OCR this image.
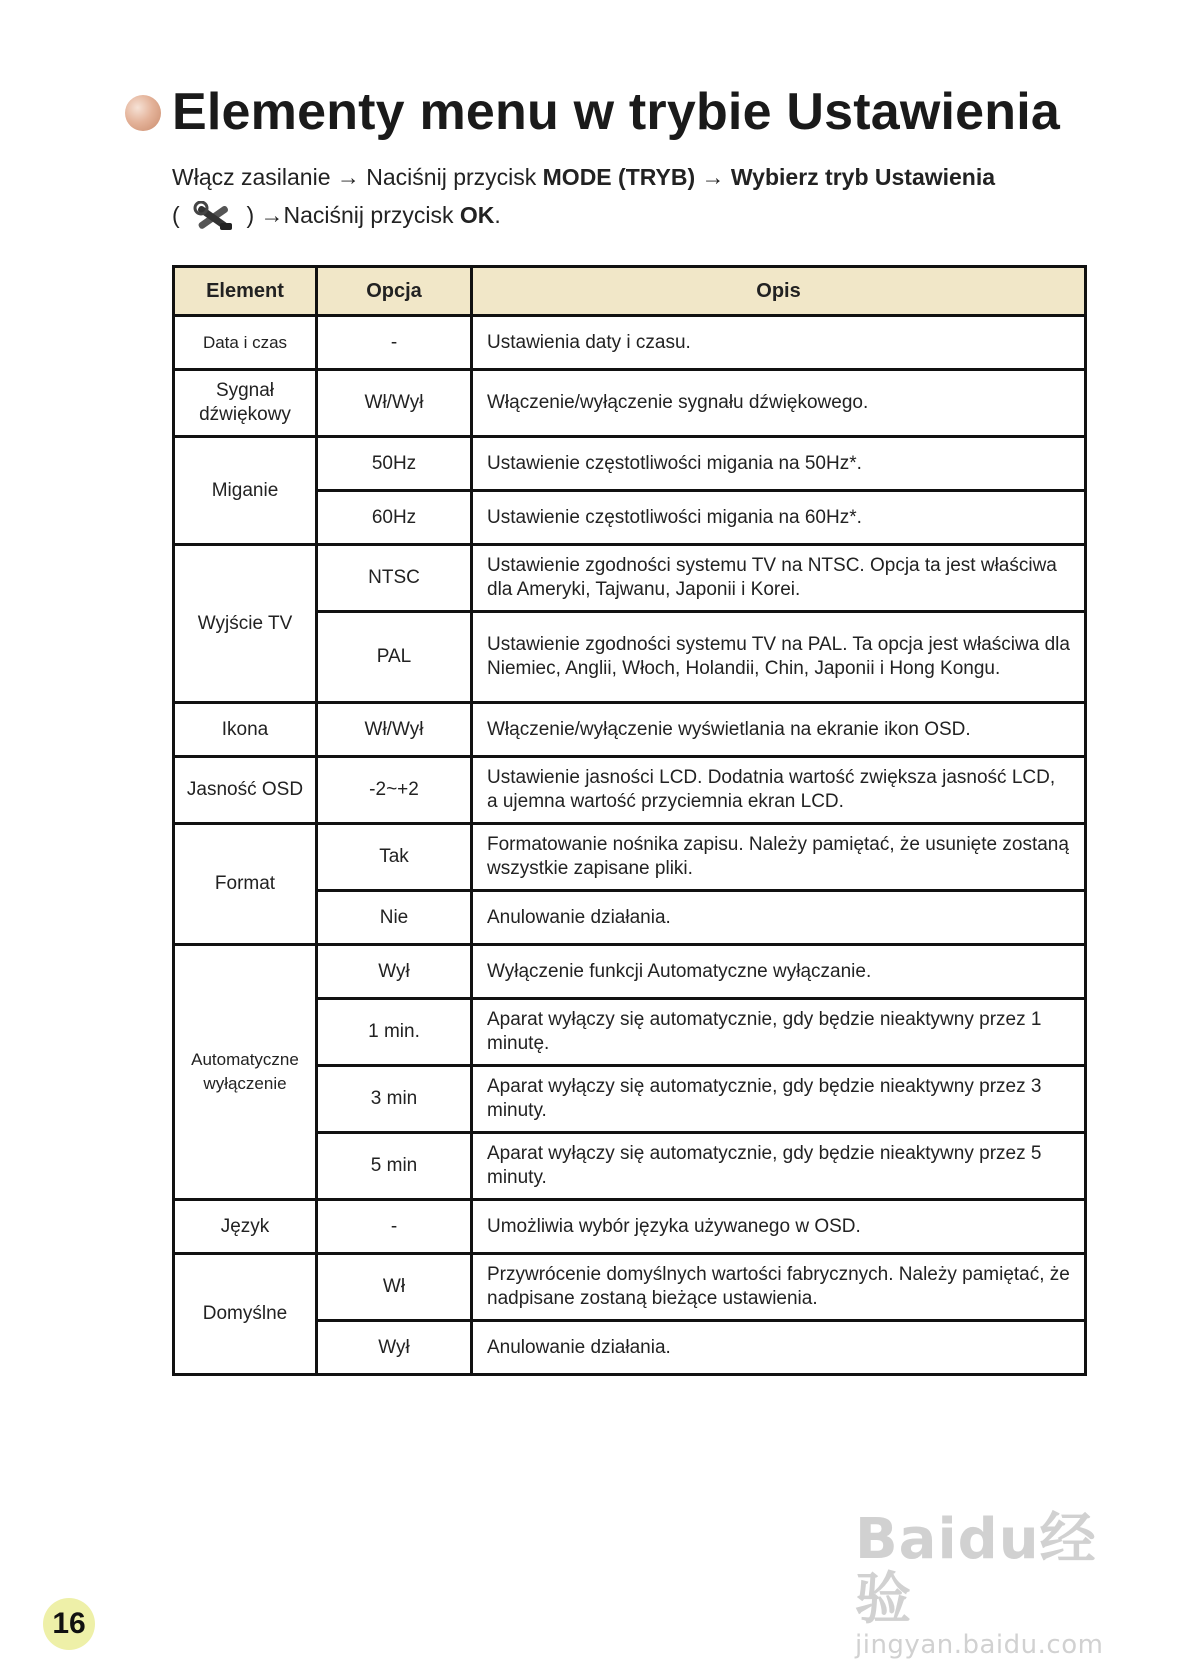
Elementy menu w trybie Ustawienia
Włącz zasilanie → Naciśnij przycisk MODE (TRYB) → Wybierz tryb Ustawienia
(	) →Naciśnij przycisk OK.
Element	Opcja	Opis
Data i czas	-	Ustawienia daty i czasu.
Sygnał dźwiękowy	Wł/Wył	Włączenie/wyłączenie sygnału dźwiękowego.
Miganie	50Hz	Ustawienie częstotliwości migania na 50Hz*.
	60Hz	Ustawienie częstotliwości migania na 60Hz*.
Wyjście TV	NTSC	Ustawienie zgodności systemu TV na NTSC. Opcja ta jest właściwa dla Ameryki, Tajwanu, Japonii i Korei.
	PAL	Ustawienie zgodności systemu TV na PAL. Ta opcja jest właściwa dla Niemiec, Anglii, Włoch, Holandii, Chin, Japonii i Hong Kongu.
Ikona	Wł/Wył	Włączenie/wyłączenie wyświetlania na ekranie ikon OSD.
Jasność OSD	-2~+2	Ustawienie jasności LCD. Dodatnia wartość zwiększa jasność LCD, a ujemna wartość przyciemnia ekran LCD.
Format	Tak	Formatowanie nośnika zapisu. Należy pamiętać, że usunięte zostaną wszystkie zapisane pliki.
	Nie	Anulowanie działania.
Automatyczne wyłączenie	Wył	Wyłączenie funkcji Automatyczne wyłączanie.
	1 min.	Aparat wyłączy się automatycznie, gdy będzie nieaktywny przez 1 minutę.
	3 min	Aparat wyłączy się automatycznie, gdy będzie nieaktywny przez 3 minuty.
	5 min	Aparat wyłączy się automatycznie, gdy będzie nieaktywny przez 5 minuty.
Język	-	Umożliwia wybór języka używanego w OSD.
Domyślne	Wł	Przywrócenie domyślnych wartości fabrycznych. Należy pamiętać, że nadpisane zostaną bieżące ustawienia.
	Wył	Anulowanie działania.
Baidu经验
jingyan.baidu.com
16
